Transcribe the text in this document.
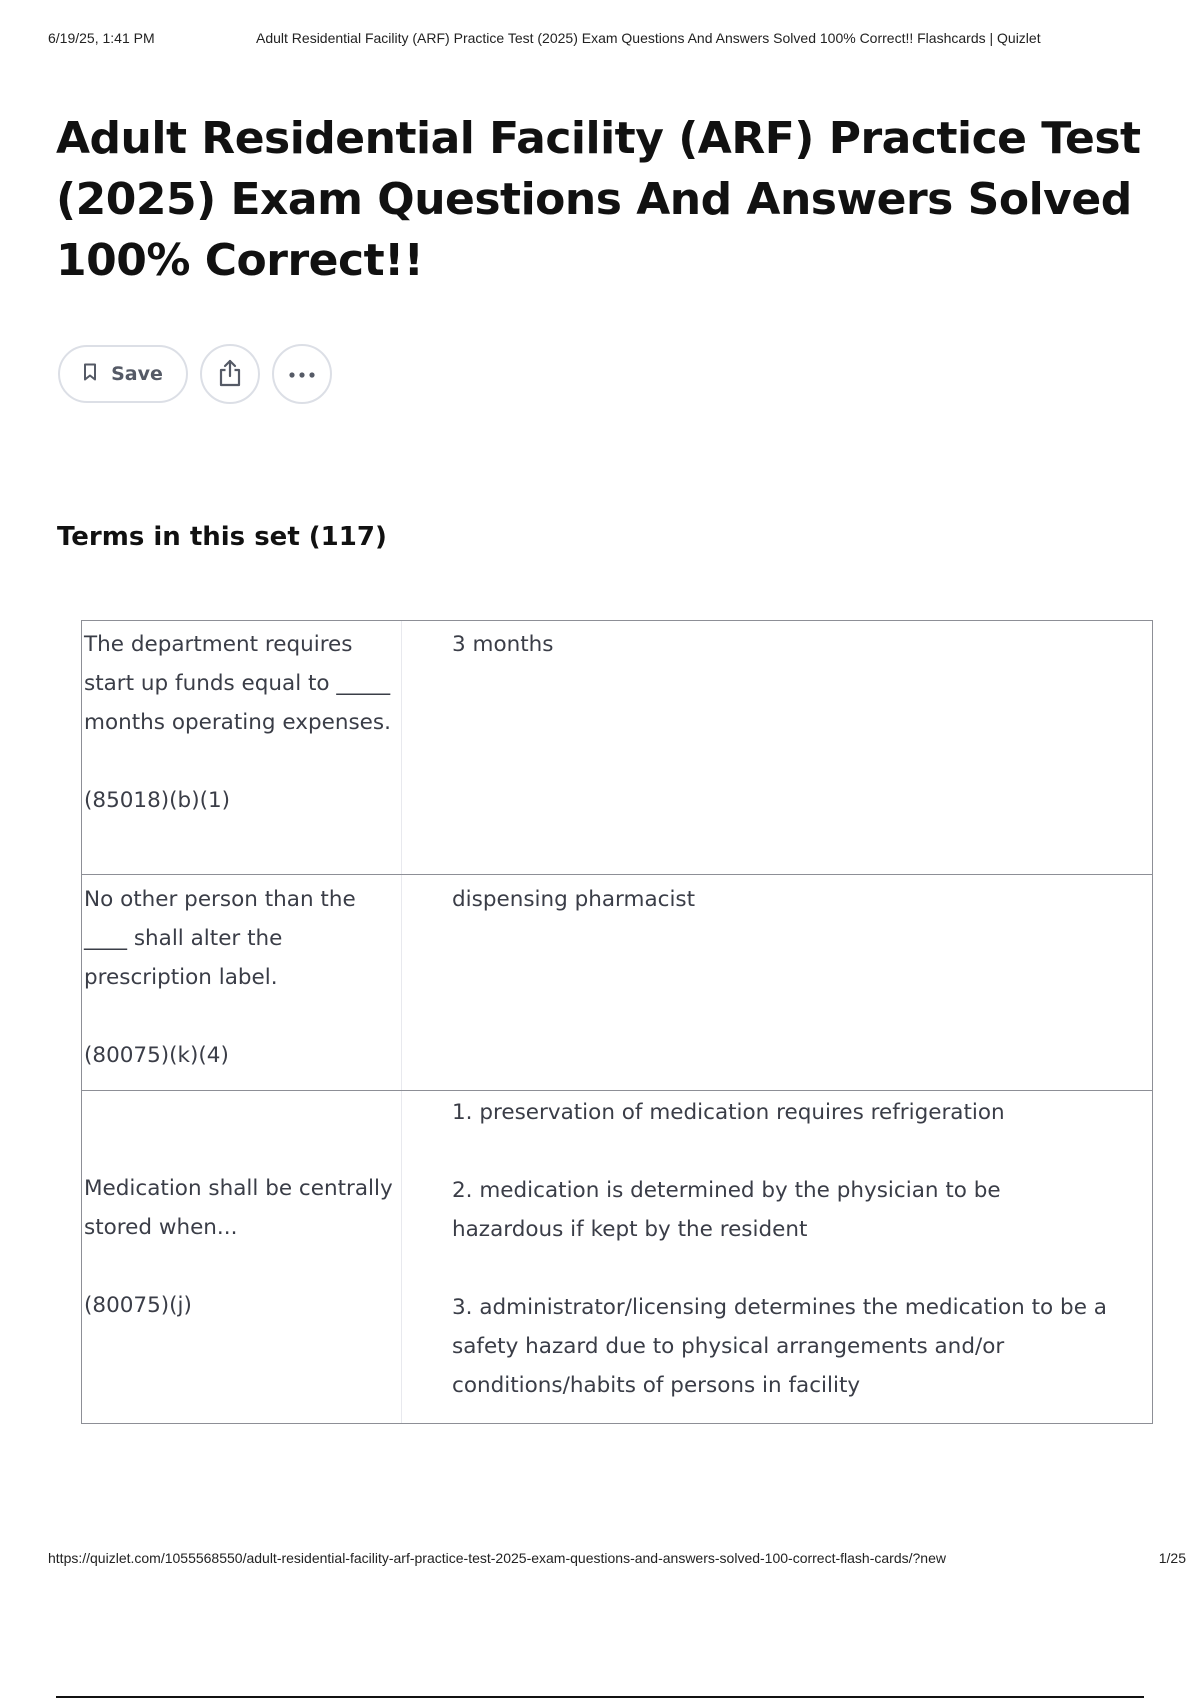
6/19/25, 1:41 PM	Adult Residential Facility (ARF) Practice Test (2025) Exam Questions And Answers Solved 100% Correct!! Flashcards | Quizlet
Adult Residential Facility (ARF) Practice Test (2025) Exam Questions And Answers Solved 100% Correct!!
Save
Terms in this set (117)
The department requires start up funds equal to _____ months operating expenses.
(85018)(b)(1)
3 months
No other person than the ____ shall alter the prescription label.
(80075)(k)(4)
dispensing pharmacist
Medication shall be centrally stored when...
(80075)(j)
1. preservation of medication requires refrigeration
2. medication is determined by the physician to be hazardous if kept by the resident
3. administrator/licensing determines the medication to be a safety hazard due to physical arrangements and/or conditions/habits of persons in facility
https://quizlet.com/1055568550/adult-residential-facility-arf-practice-test-2025-exam-questions-and-answers-solved-100-correct-flash-cards/?new	1/25
